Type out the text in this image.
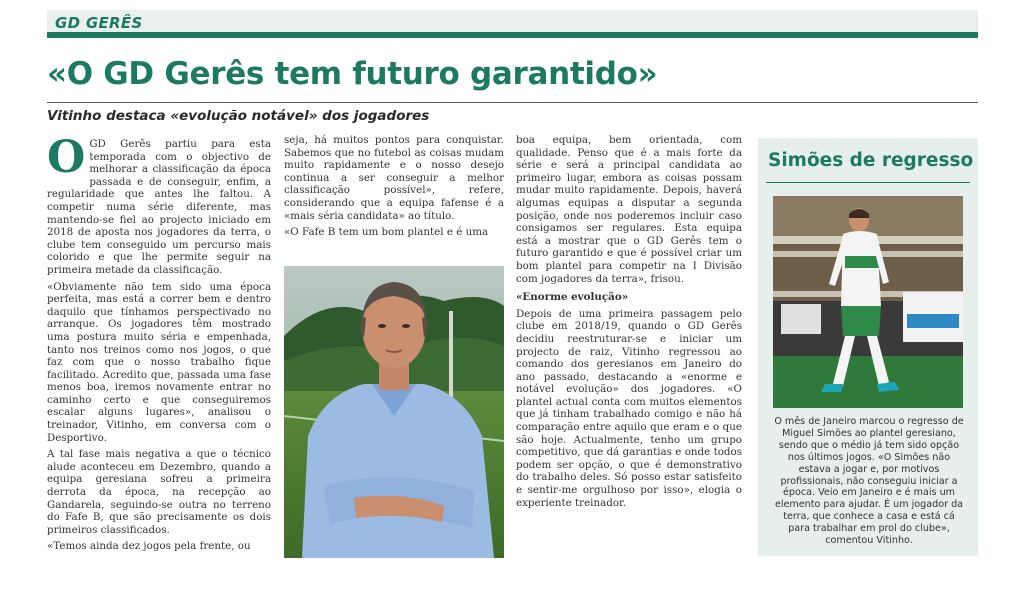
GD GERÊS
«O GD Gerês tem futuro garantido»
Vitinho destaca «evolução notável» dos jogadores

OGD Gerês partiu para esta temporada com o objectivo de melhorar a classificação da época passada e de conseguir, enfim, a regularidade que antes lhe faltou. A competir numa série diferente, mas mantendo-se fiel ao projecto iniciado em 2018 de aposta nos jogadores da terra, o clube tem conseguido um percurso mais colorido e que lhe permite seguir na primeira metade da classificação.

«Obviamente não tem sido uma época perfeita, mas está a correr bem e dentro daquilo que tínhamos perspectivado no arranque. Os jogadores têm mostrado uma postura muito séria e empenhada, tanto nos treinos como nos jogos, o que faz com que o nosso trabalho fique facilitado. Acredito que, passada uma fase menos boa, iremos novamente entrar no caminho certo e que conseguiremos escalar alguns lugares», analisou o treinador, Vitinho, em conversa com o Desportivo.

A tal fase mais negativa a que o técnico alude aconteceu em Dezembro, quando a equipa geresiana sofreu a primeira derrota da época, na recepção ao Gandarela, seguindo-se outra no terreno do Fafe B, que são precisamente os dois primeiros classificados.

«Temos ainda dez jogos pela frente, ou

seja, há muitos pontos para conquistar. Sabemos que no futebol as coisas mudam muito rapidamente e o nosso desejo continua a ser conseguir a melhor classificação possível», refere, considerando que a equipa fafense é a «mais séria candidata» ao título.

«O Fafe B tem um bom plantel e é uma

boa equipa, bem orientada, com qualidade. Penso que é a mais forte da série e será a principal candidata ao primeiro lugar, embora as coisas possam mudar muito rapidamente. Depois, haverá algumas equipas a disputar a segunda posição, onde nos poderemos incluir caso consigamos ser regulares. Esta equipa está a mostrar que o GD Gerês tem o futuro garantido e que é possível criar um bom plantel para competir na I Divisão com jogadores da terra», frisou.

«Enorme evolução»

Depois de uma primeira passagem pelo clube em 2018/19, quando o GD Gerês decidiu reestruturar-se e iniciar um projecto de raiz, Vitinho regressou ao comando dos geresianos em Janeiro do ano passado, destacando a «enorme e notável evolução» dos jogadores. «O plantel actual conta com muitos elementos que já tinham trabalhado comigo e não há comparação entre aquilo que eram e o que são hoje. Actualmente, tenho um grupo competitivo, que dá garantias e onde todos podem ser opção, o que é demonstrativo do trabalho deles. Só posso estar satisfeito e sentir-me orgulhoso por isso», elogia o experiente treinador.

Simões de regresso
O mês de Janeiro marcou o regresso de Miguel Simões ao plantel geresiano, sendo que o médio já tem sido opção nos últimos jogos. «O Simões não estava a jogar e, por motivos profissionais, não conseguiu iniciar a época. Veio em Janeiro e é mais um elemento para ajudar. É um jogador da terra, que conhece a casa e está cá para trabalhar em prol do clube», comentou Vitinho.
